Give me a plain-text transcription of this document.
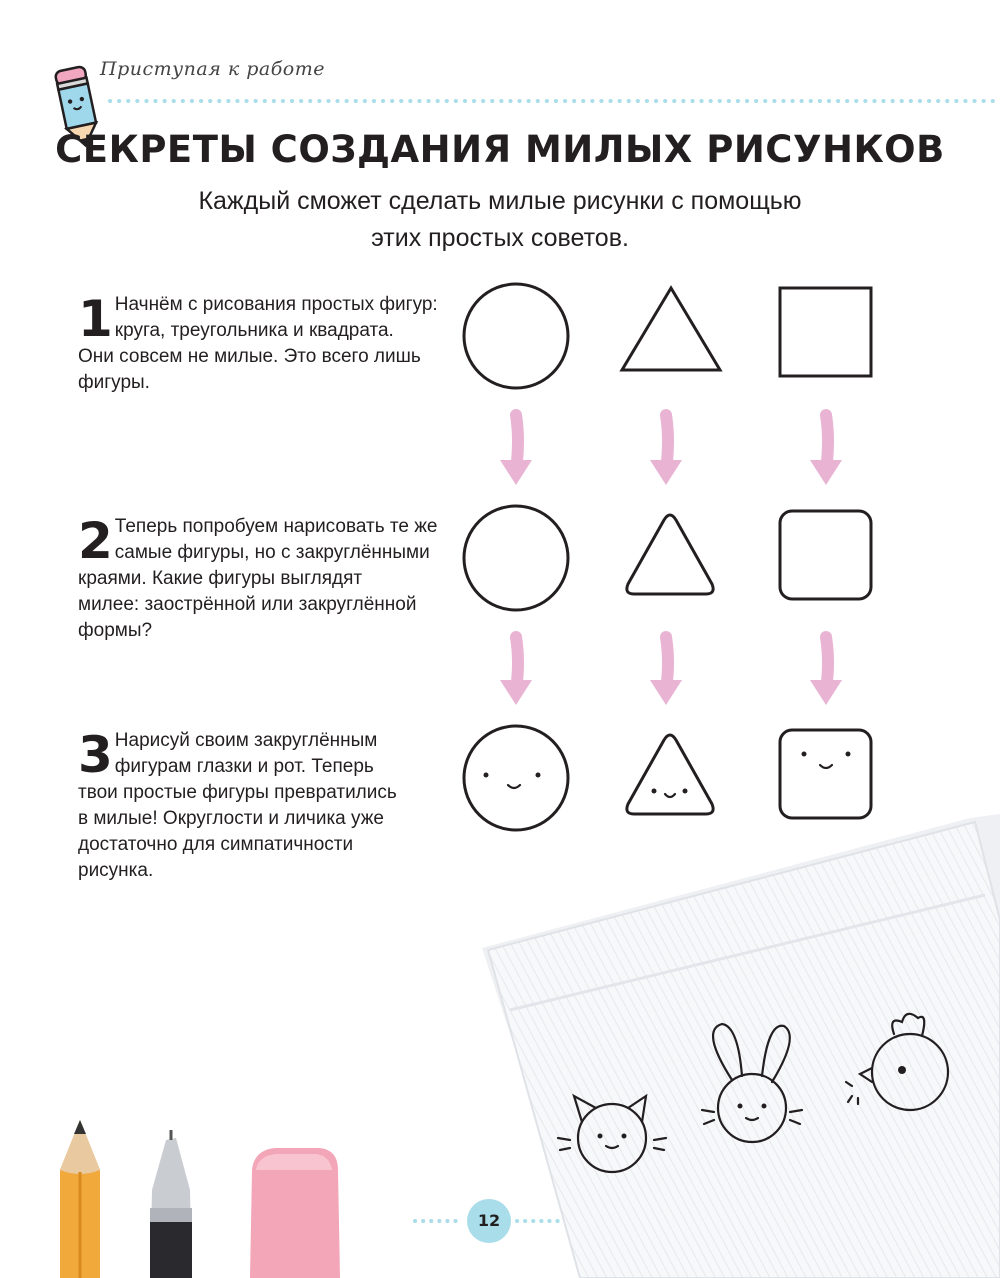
Приступая к работе
СЕКРЕТЫ СОЗДАНИЯ МИЛЫХ РИСУНКОВ
Каждый сможет сделать милые рисунки с помощью
этих простых советов.
1 Начнём с рисования простых фигур:
круга, треугольника и квадрата.
Они совсем не милые. Это всего лишь
фигуры.
2 Теперь попробуем нарисовать те же
самые фигуры, но с закруглёнными
краями. Какие фигуры выглядят
милее: заострённой или закруглённой
формы?
3 Нарисуй своим закруглённым
фигурам глазки и рот. Теперь
твои простые фигуры превратились
в милые! Округлости и личика уже
достаточно для симпатичности
рисунка.
12
